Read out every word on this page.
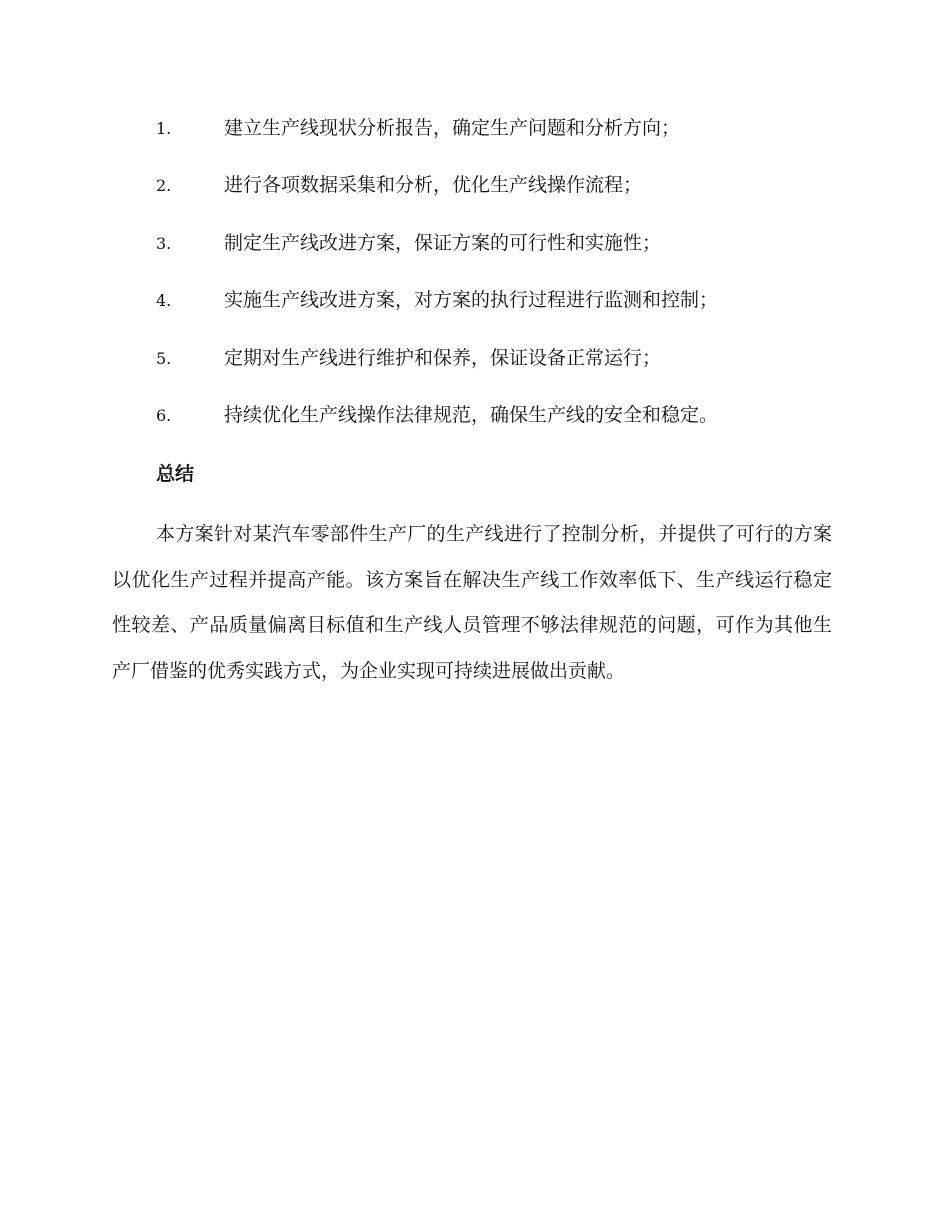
1.	建立生产线现状分析报告，确定生产问题和分析方向；
2.	进行各项数据采集和分析，优化生产线操作流程；
3.	制定生产线改进方案，保证方案的可行性和实施性；
4.	实施生产线改进方案，对方案的执行过程进行监测和控制；
5.	定期对生产线进行维护和保养，保证设备正常运行；
6.	持续优化生产线操作法律规范，确保生产线的安全和稳定。
总结

本方案针对某汽车零部件生产厂的生产线进行了控制分析，并提供了可行的方案以优化生产过程并提高产能。该方案旨在解决生产线工作效率低下、生产线运行稳定性较差、产品质量偏离目标值和生产线人员管理不够法律规范的问题，可作为其他生产厂借鉴的优秀实践方式，为企业实现可持续进展做出贡献。
